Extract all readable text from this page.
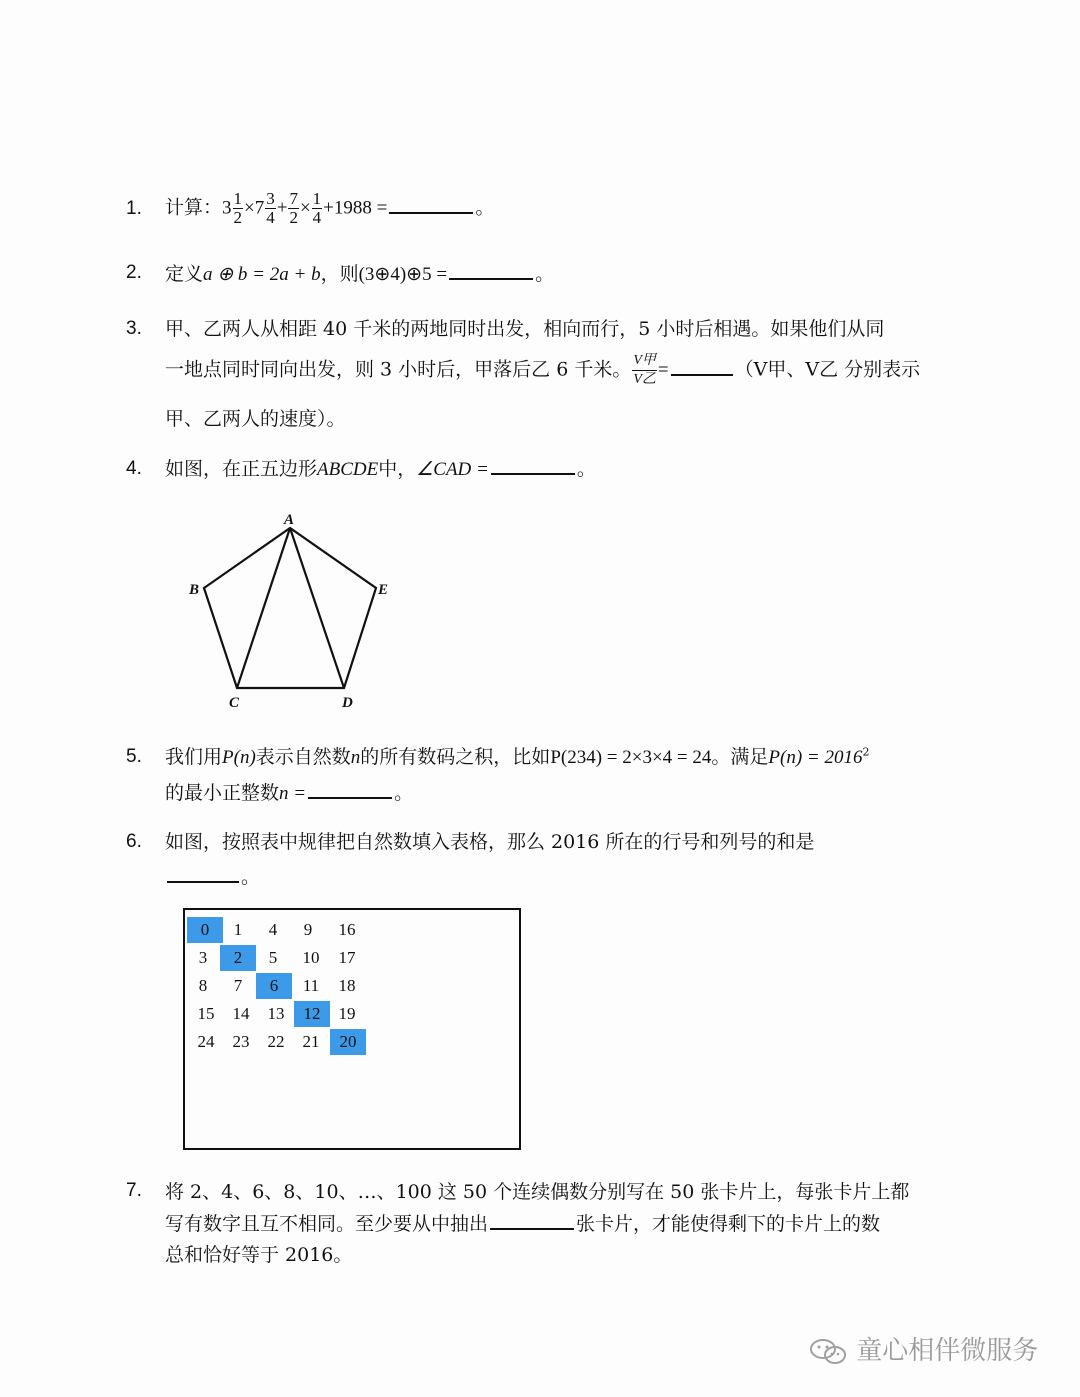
1. 计算：$3 \frac{1}{2} \times 7 \frac{3}{4} + \frac{7}{2} \times \frac{1}{4} +1988$ =	。
2. 定义a ⊕ b = 2a + b，则(3⊕4)⊕5 =	。
3. 甲、乙两人从相距 40 千米的两地同时出发，相向而行，5 小时后相遇。如果他们从同
一地点同时同向出发，则 3 小时后，甲落后乙 6 千米。 $\frac{\text{V甲}}{\text{V乙}}$ =	（V甲、V乙 分别表示
甲、乙两人的速度）。
4. 如图，在正五边形ABCDE中，∠CAD =	。
A
B
C	D
E
5. 我们用P(n)表示自然数n的所有数码之积，比如P(234) = 2×3×4 = 24。满足$P(n) = 2016^2$
的最小正整数n =	。
6. 如图，按照表中规律把自然数填入表格，那么 2016 所在的行号和列号的和是
。
0	1	4	9	16
3	2	5	10	17
8	7	6	11	18
15	14	13	12	19
24	23	22	21	20
7. 将 2、4、6、8、10、…、100 这 50 个连续偶数分别写在 50 张卡片上，每张卡片上都
写有数字且互不相同。至少要从中抽出	张卡片，才能使得剩下的卡片上的数
总和恰好等于 2016。
童心相伴微服务
